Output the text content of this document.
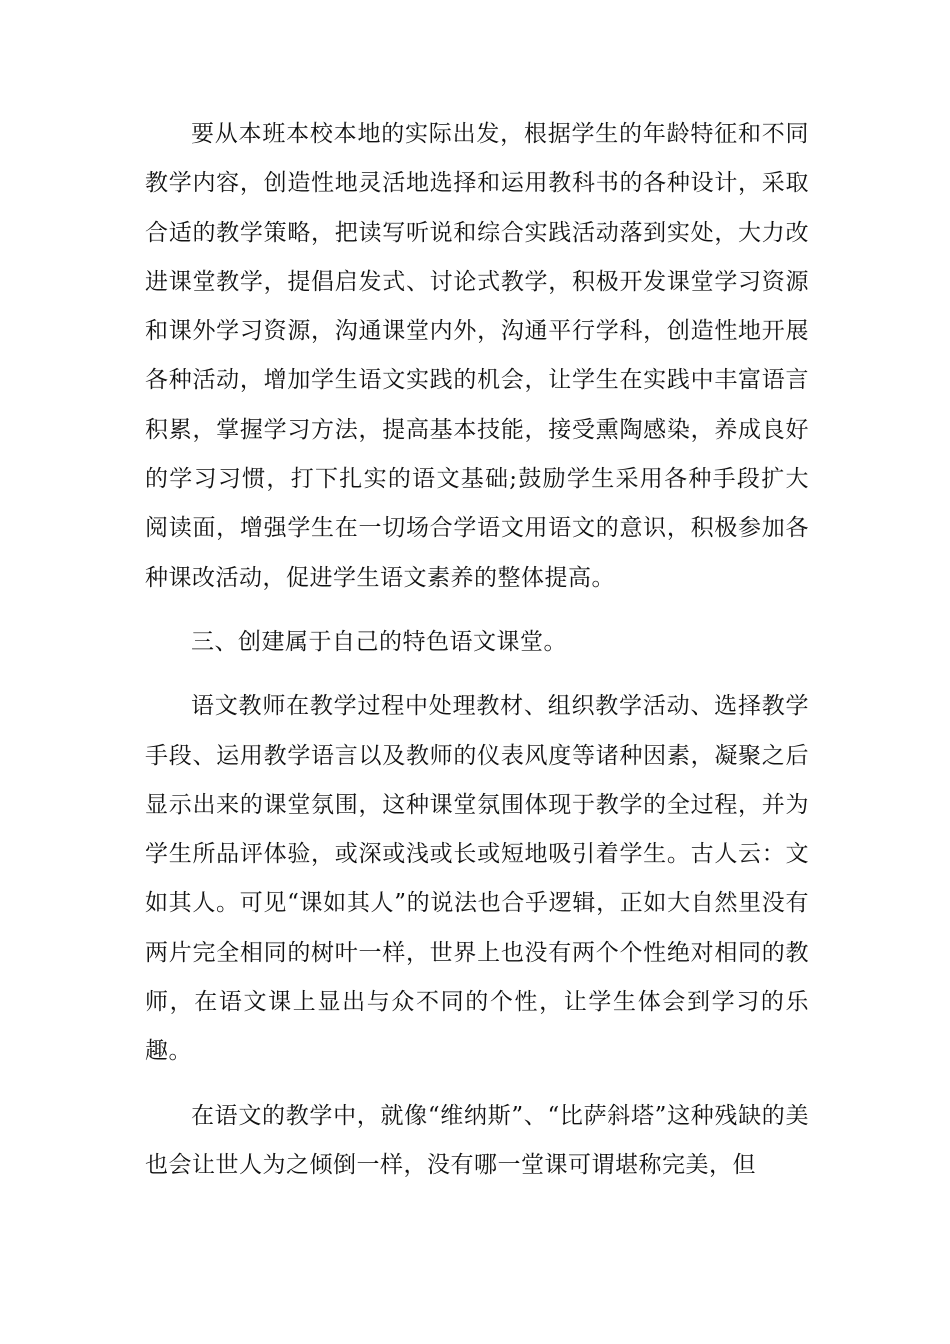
要从本班本校本地的实际出发，根据学生的年龄特征和不同教学内容，创造性地灵活地选择和运用教科书的各种设计，采取合适的教学策略，把读写听说和综合实践活动落到实处，大力改进课堂教学，提倡启发式、讨论式教学，积极开发课堂学习资源和课外学习资源，沟通课堂内外，沟通平行学科，创造性地开展各种活动，增加学生语文实践的机会，让学生在实践中丰富语言积累，掌握学习方法，提高基本技能，接受熏陶感染，养成良好的学习习惯，打下扎实的语文基础;鼓励学生采用各种手段扩大阅读面，增强学生在一切场合学语文用语文的意识，积极参加各种课改活动，促进学生语文素养的整体提高。

三、创建属于自己的特色语文课堂。

语文教师在教学过程中处理教材、组织教学活动、选择教学手段、运用教学语言以及教师的仪表风度等诸种因素，凝聚之后显示出来的课堂氛围，这种课堂氛围体现于教学的全过程，并为学生所品评体验，或深或浅或长或短地吸引着学生。古人云：文如其人。可见“课如其人”的说法也合乎逻辑，正如大自然里没有两片完全相同的树叶一样，世界上也没有两个个性绝对相同的教师，在语文课上显出与众不同的个性，让学生体会到学习的乐趣。

在语文的教学中，就像“维纳斯”、“比萨斜塔”这种残缺的美也会让世人为之倾倒一样，没有哪一堂课可谓堪称完美，但
